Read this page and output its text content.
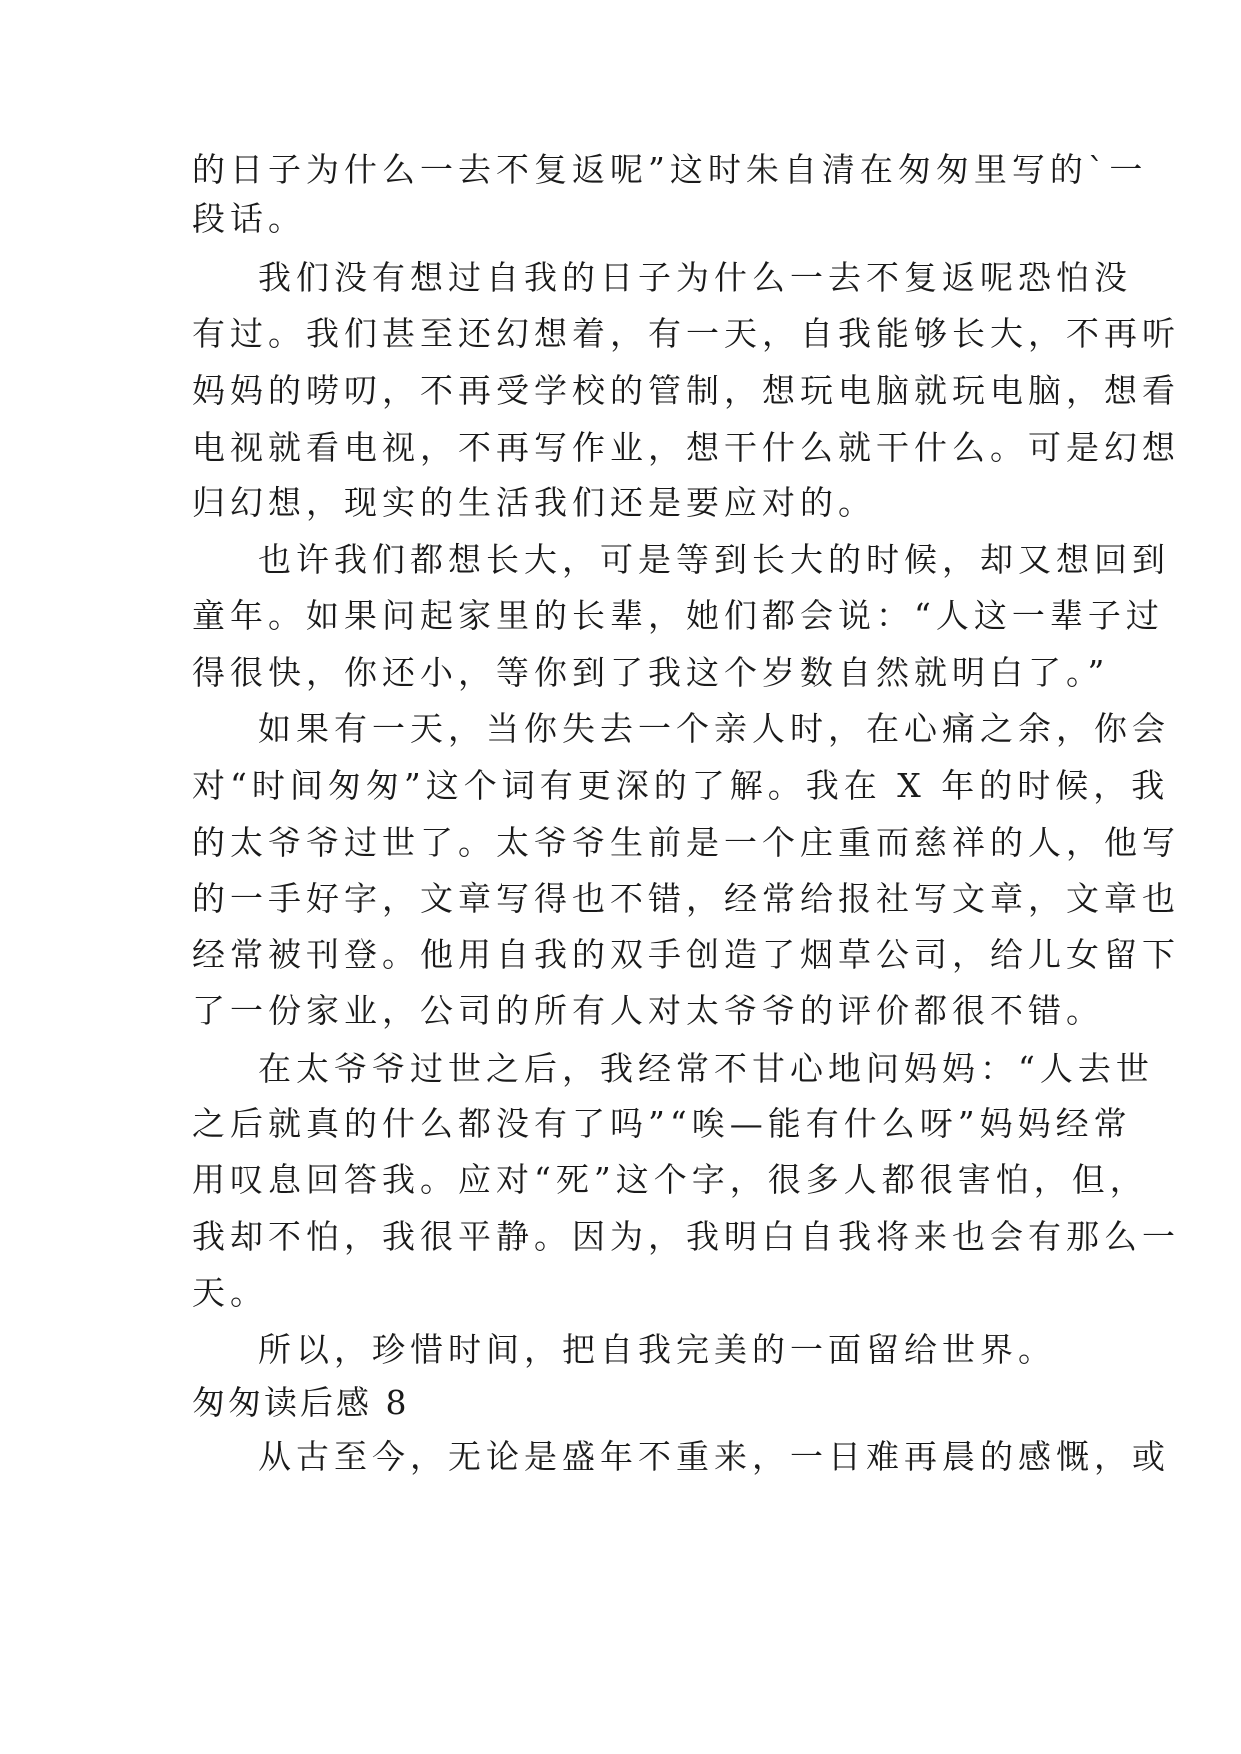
的日子为什么一去不复返呢”这时朱自清在匆匆里写的`一
段话。
我们没有想过自我的日子为什么一去不复返呢恐怕没
有过。我们甚至还幻想着，有一天，自我能够长大，不再听
妈妈的唠叨，不再受学校的管制，想玩电脑就玩电脑，想看
电视就看电视，不再写作业，想干什么就干什么。可是幻想
归幻想，现实的生活我们还是要应对的。
也许我们都想长大，可是等到长大的时候，却又想回到
童年。如果问起家里的长辈，她们都会说：“人这一辈子过
得很快，你还小，等你到了我这个岁数自然就明白了。”
如果有一天，当你失去一个亲人时，在心痛之余，你会
对“时间匆匆”这个词有更深的了解。我在 X 年的时候，我
的太爷爷过世了。太爷爷生前是一个庄重而慈祥的人，他写
的一手好字，文章写得也不错，经常给报社写文章，文章也
经常被刊登。他用自我的双手创造了烟草公司，给儿女留下
了一份家业，公司的所有人对太爷爷的评价都很不错。
在太爷爷过世之后，我经常不甘心地问妈妈：“人去世
之后就真的什么都没有了吗”“唉—能有什么呀”妈妈经常
用叹息回答我。应对“死”这个字，很多人都很害怕，但，
我却不怕，我很平静。因为，我明白自我将来也会有那么一
天。
所以，珍惜时间，把自我完美的一面留给世界。
匆匆读后感 8
从古至今，无论是盛年不重来，一日难再晨的感慨，或
